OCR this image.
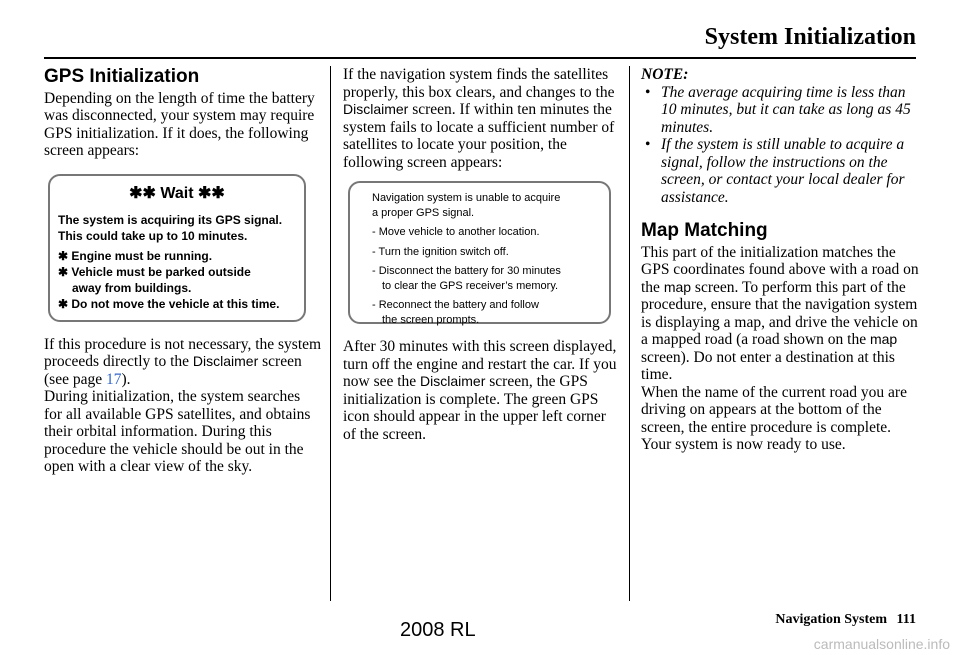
System Initialization
GPS Initialization

Depending on the length of time the battery was disconnected, your system may require GPS initialization. If it does, the following screen appears:

✱✱ Wait ✱✱

The system is acquiring its GPS signal.

This could take up to 10 minutes.

✱ Engine must be running.

✱ Vehicle must be parked outside

away from buildings.

✱ Do not move the vehicle at this time.

If this procedure is not necessary, the system proceeds directly to the Disclaimer screen (see page 17).

During initialization, the system searches for all available GPS satellites, and obtains their orbital information. During this procedure the vehicle should be out in the open with a clear view of the sky.

If the navigation system finds the satellites properly, this box clears, and changes to the Disclaimer screen. If within ten minutes the system fails to locate a sufficient number of satellites to locate your position, the following screen appears:

Navigation system is unable to acquire

a proper GPS signal.

- Move vehicle to another location.

- Turn the ignition switch off.

- Disconnect the battery for 30 minutes

to clear the GPS receiver’s memory.

- Reconnect the battery and follow

the screen prompts.

After 30 minutes with this screen displayed, turn off the engine and restart the car. If you now see the Disclaimer screen, the GPS initialization is complete. The green GPS icon should appear in the upper left corner of the screen.

NOTE:

• The average acquiring time is less than 10 minutes, but it can take as long as 45 minutes.
• If the system is still unable to acquire a signal, follow the instructions on the screen, or contact your local dealer for assistance.
Map Matching

This part of the initialization matches the GPS coordinates found above with a road on the map screen. To perform this part of the procedure, ensure that the navigation system is displaying a map, and drive the vehicle on a mapped road (a road shown on the map screen). Do not enter a destination at this time.

When the name of the current road you are driving on appears at the bottom of the screen, the entire procedure is complete. Your system is now ready to use.

Navigation System 111
2008 RL
carmanualsonline.info
